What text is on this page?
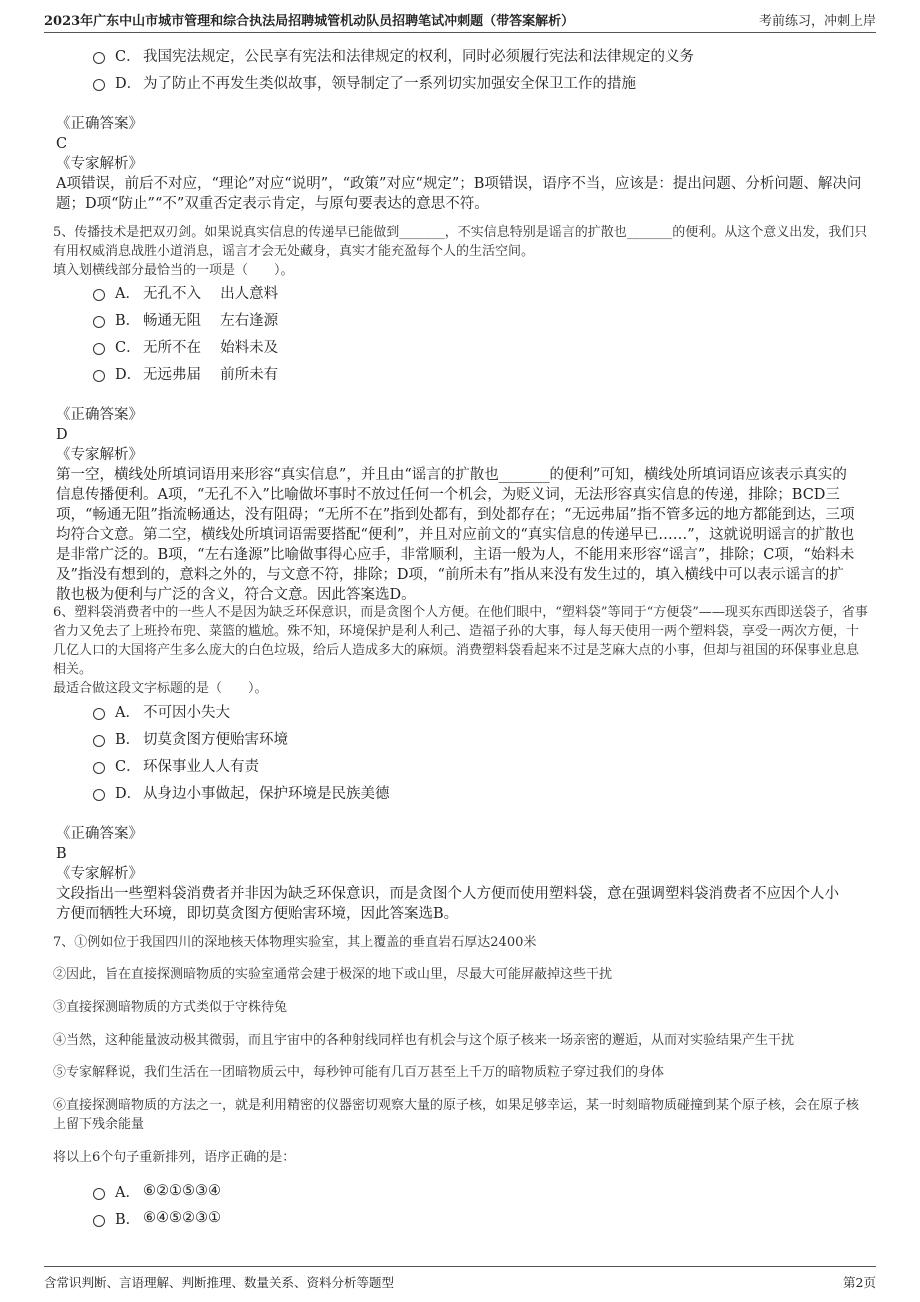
2023年广东中山市城市管理和综合执法局招聘城管机动队员招聘笔试冲刺题（带答案解析）	考前练习，冲刺上岸
C． 我国宪法规定，公民享有宪法和法律规定的权利，同时必须履行宪法和法律规定的义务
D． 为了防止不再发生类似故事，领导制定了一系列切实加强安全保卫工作的措施
《正确答案》
C
《专家解析》
A项错误，前后不对应，“理论”对应“说明”，“政策”对应“规定”；B项错误，语序不当，应该是：提出问题、分析问题、解决问
题；D项“防止”“不”双重否定表示肯定，与原句要表达的意思不符。
5、传播技术是把双刃剑。如果说真实信息的传递早已能做到_______，不实信息特别是谣言的扩散也_______的便利。从这个意义出发，我们只
有用权威消息战胜小道消息，谣言才会无处藏身，真实才能充盈每个人的生活空间。
填入划横线部分最恰当的一项是（　　）。
A． 无孔不入　 出人意料
B． 畅通无阻　 左右逢源
C． 无所不在　 始料未及
D． 无远弗届　 前所未有
《正确答案》
D
《专家解析》
第一空，横线处所填词语用来形容“真实信息”，并且由“谣言的扩散也_______的便利”可知，横线处所填词语应该表示真实的
信息传播便利。A项，“无孔不入”比喻做坏事时不放过任何一个机会，为贬义词，无法形容真实信息的传递，排除；BCD三
项，“畅通无阻”指流畅通达，没有阻碍；“无所不在”指到处都有，到处都存在；“无远弗届”指不管多远的地方都能到达，三项
均符合文意。第二空，横线处所填词语需要搭配“便利”，并且对应前文的“真实信息的传递早已……”，这就说明谣言的扩散也
是非常广泛的。B项，“左右逢源”比喻做事得心应手，非常顺利，主语一般为人，不能用来形容“谣言”，排除；C项，“始料未
及”指没有想到的，意料之外的，与文意不符，排除；D项，“前所未有”指从来没有发生过的，填入横线中可以表示谣言的扩
散也极为便利与广泛的含义，符合文意。因此答案选D。
6、塑料袋消费者中的一些人不是因为缺乏环保意识，而是贪图个人方便。在他们眼中，“塑料袋”等同于“方便袋”——现买东西即送袋子，省事
省力又免去了上班拎布兜、菜篮的尴尬。殊不知，环境保护是利人利己、造福子孙的大事，每人每天使用一两个塑料袋，享受一两次方便，十
几亿人口的大国将产生多么庞大的白色垃圾，给后人造成多大的麻烦。消费塑料袋看起来不过是芝麻大点的小事，但却与祖国的环保事业息息
相关。
最适合做这段文字标题的是（　　）。
A． 不可因小失大
B． 切莫贪图方便贻害环境
C． 环保事业人人有责
D． 从身边小事做起，保护环境是民族美德
《正确答案》
B
《专家解析》
文段指出一些塑料袋消费者并非因为缺乏环保意识，而是贪图个人方便而使用塑料袋，意在强调塑料袋消费者不应因个人小
方便而牺牲大环境，即切莫贪图方便贻害环境，因此答案选B。
7、①例如位于我国四川的深地核天体物理实验室，其上覆盖的垂直岩石厚达2400米
②因此，旨在直接探测暗物质的实验室通常会建于极深的地下或山里，尽最大可能屏蔽掉这些干扰
③直接探测暗物质的方式类似于守株待兔
④当然，这种能量波动极其微弱，而且宇宙中的各种射线同样也有机会与这个原子核来一场亲密的邂逅，从而对实验结果产生干扰
⑤专家解释说，我们生活在一团暗物质云中，每秒钟可能有几百万甚至上千万的暗物质粒子穿过我们的身体
⑥直接探测暗物质的方法之一，就是利用精密的仪器密切观察大量的原子核，如果足够幸运，某一时刻暗物质碰撞到某个原子核，会在原子核
上留下残余能量
将以上6个句子重新排列，语序正确的是：
A． ⑥②①⑤③④
B． ⑥④⑤②③①
含常识判断、言语理解、判断推理、数量关系、资料分析等题型	第2页
